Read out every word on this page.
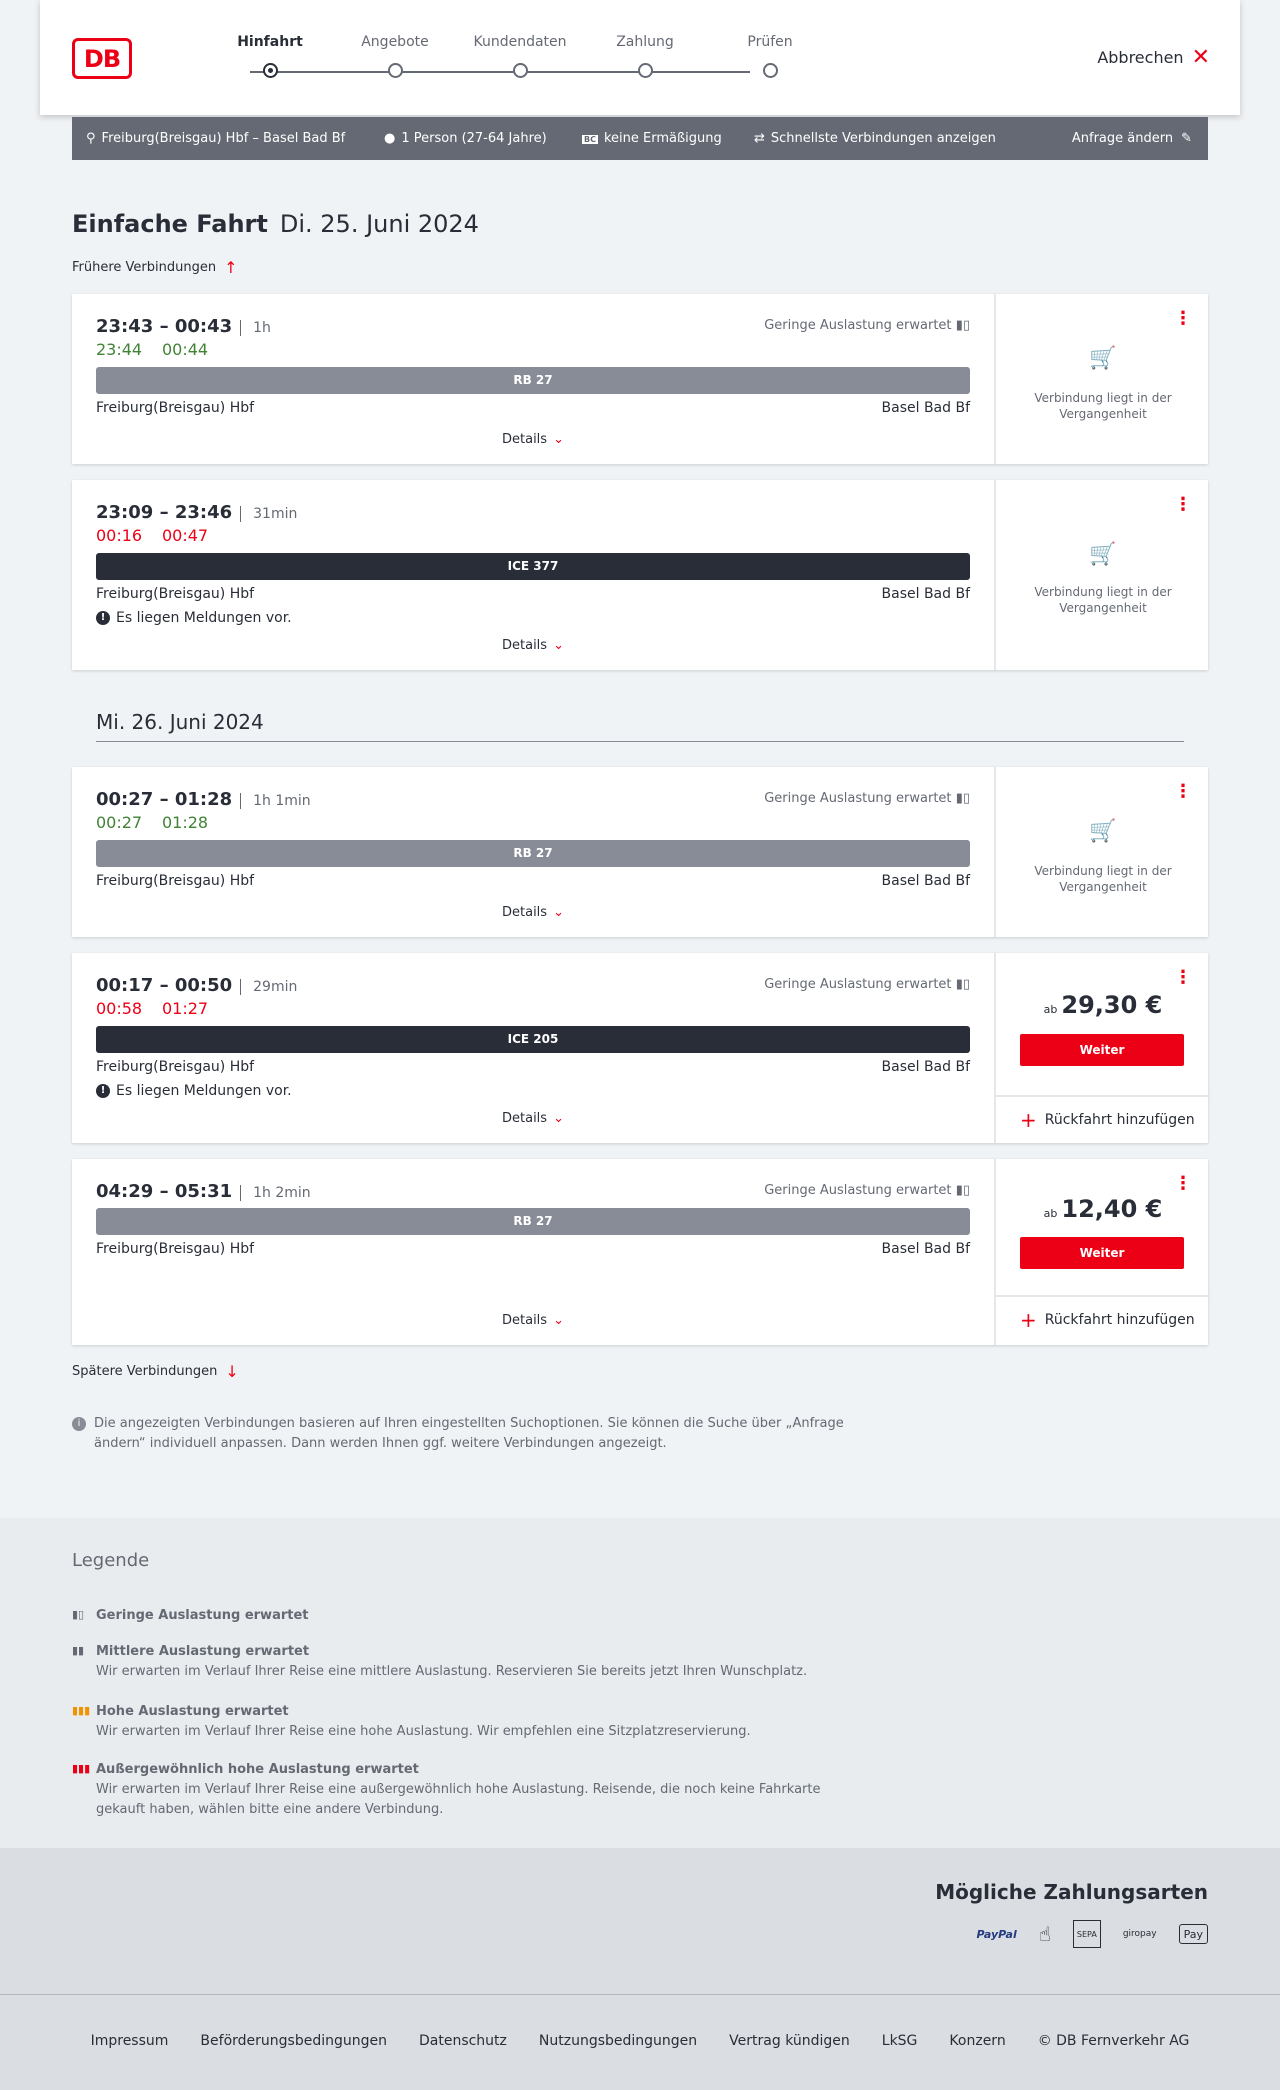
DB
Hinfahrt	Angebote	Kundendaten	Zahlung	Prüfen
Abbrechen ✕
⚲ Freiburg(Breisgau) Hbf – Basel Bad Bf	● 1 Person (27-64 Jahre)	BC keine Ermäßigung ⇄ Schnellste Verbindungen anzeigen	Anfrage ändern ✎
Einfache Fahrt Di. 25. Juni 2024
Frühere Verbindungen ↑
23:43 – 00:43 1h
23:44 00:44
Geringe Auslastung erwartet ▮▯
RB 27
Freiburg(Breisgau) Hbf	Basel Bad Bf
Details ⌄
⋮
🛒
Verbindung liegt in der Vergangenheit
23:09 – 23:46 31min
00:16 00:47
ICE 377
Freiburg(Breisgau) Hbf	Basel Bad Bf
! Es liegen Meldungen vor.
Details ⌄
⋮
🛒
Verbindung liegt in der Vergangenheit
Mi. 26. Juni 2024
00:27 – 01:28 1h 1min
00:27 01:28
Geringe Auslastung erwartet ▮▯
RB 27
Freiburg(Breisgau) Hbf	Basel Bad Bf
Details ⌄
⋮
🛒
Verbindung liegt in der Vergangenheit
00:17 – 00:50 29min
00:58 01:27
Geringe Auslastung erwartet ▮▯
ICE 205
Freiburg(Breisgau) Hbf	Basel Bad Bf
! Es liegen Meldungen vor.
Details ⌄
⋮
ab 29,30 €
Weiter
+ Rückfahrt hinzufügen
04:29 – 05:31 1h 2min	Geringe Auslastung erwartet ▮▯
RB 27
Freiburg(Breisgau) Hbf	Basel Bad Bf
Details ⌄
⋮
ab 12,40 €
Weiter
+ Rückfahrt hinzufügen
Spätere Verbindungen ↓
i	Die angezeigten Verbindungen basieren auf Ihren eingestellten Suchoptionen. Sie können die Suche über „Anfrage ändern“ individuell anpassen. Dann werden Ihnen ggf. weitere Verbindungen angezeigt.
Legende
▮▯ Geringe Auslastung erwartet
▮▮ Mittlere Auslastung erwartet

Wir erwarten im Verlauf Ihrer Reise eine mittlere Auslastung. Reservieren Sie bereits jetzt Ihren Wunschplatz.

▮▮▮ Hohe Auslastung erwartet

Wir erwarten im Verlauf Ihrer Reise eine hohe Auslastung. Wir empfehlen eine Sitzplatzreservierung.

▮▮▮ Außergewöhnlich hohe Auslastung erwartet

Wir erwarten im Verlauf Ihrer Reise eine außergewöhnlich hohe Auslastung. Reisende, die noch keine Fahrkarte gekauft haben, wählen bitte eine andere Verbindung.

Mögliche Zahlungsarten
PayPal ☝	SEPA	giropay	Pay
Impressum Beförderungsbedingungen Datenschutz Nutzungsbedingungen Vertrag kündigen LkSG Konzern © DB Fernverkehr AG
